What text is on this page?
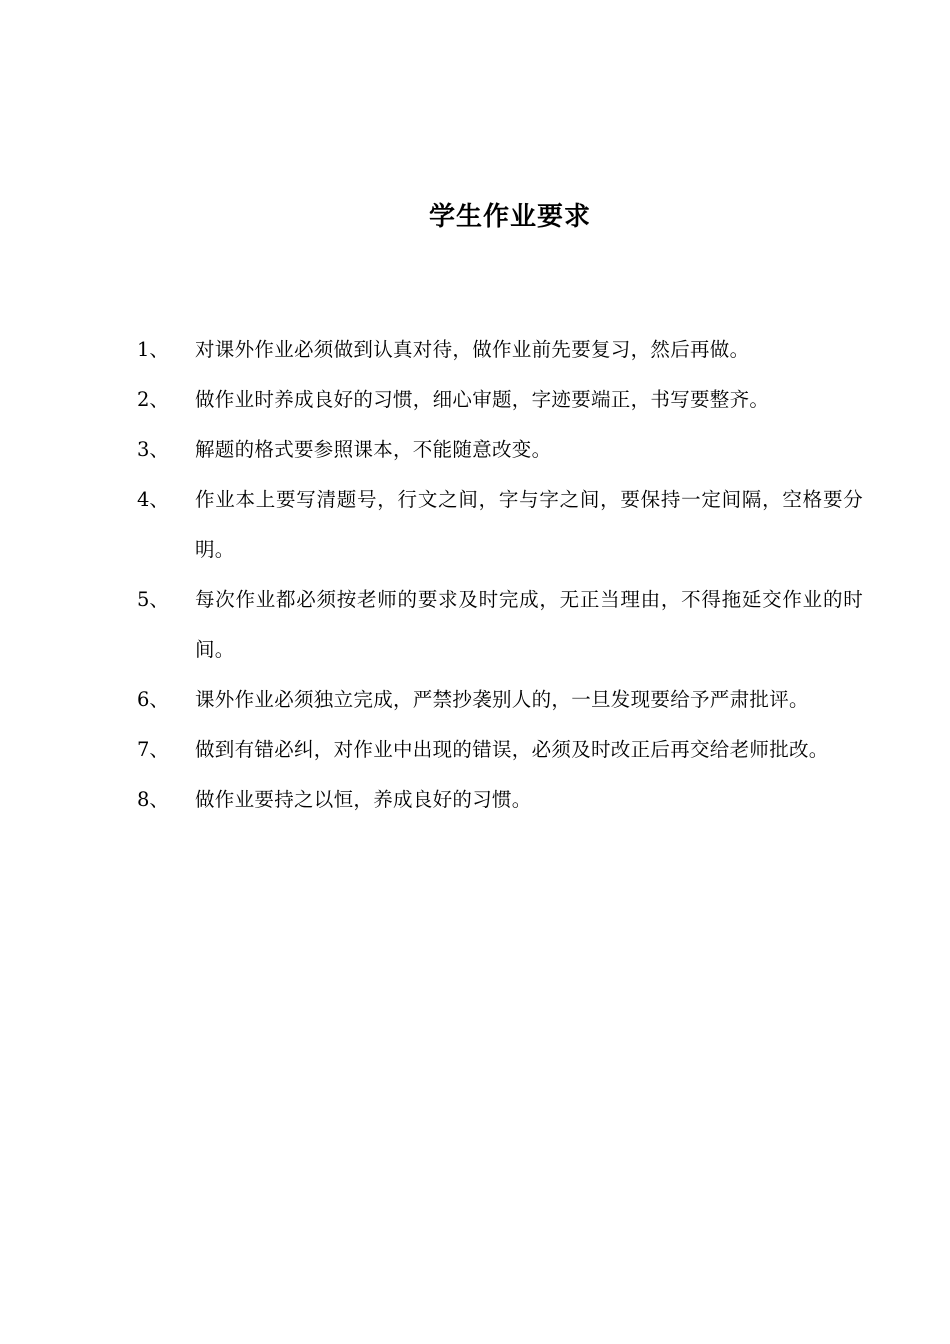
学生作业要求
1、 对课外作业必须做到认真对待，做作业前先要复习，然后再做。
2、 做作业时养成良好的习惯，细心审题，字迹要端正，书写要整齐。
3、 解题的格式要参照课本，不能随意改变。
4、 作业本上要写清题号，行文之间，字与字之间，要保持一定间隔，空格要分明。
5、 每次作业都必须按老师的要求及时完成，无正当理由，不得拖延交作业的时间。
6、 课外作业必须独立完成，严禁抄袭别人的，一旦发现要给予严肃批评。
7、 做到有错必纠，对作业中出现的错误，必须及时改正后再交给老师批改。
8、 做作业要持之以恒，养成良好的习惯。
